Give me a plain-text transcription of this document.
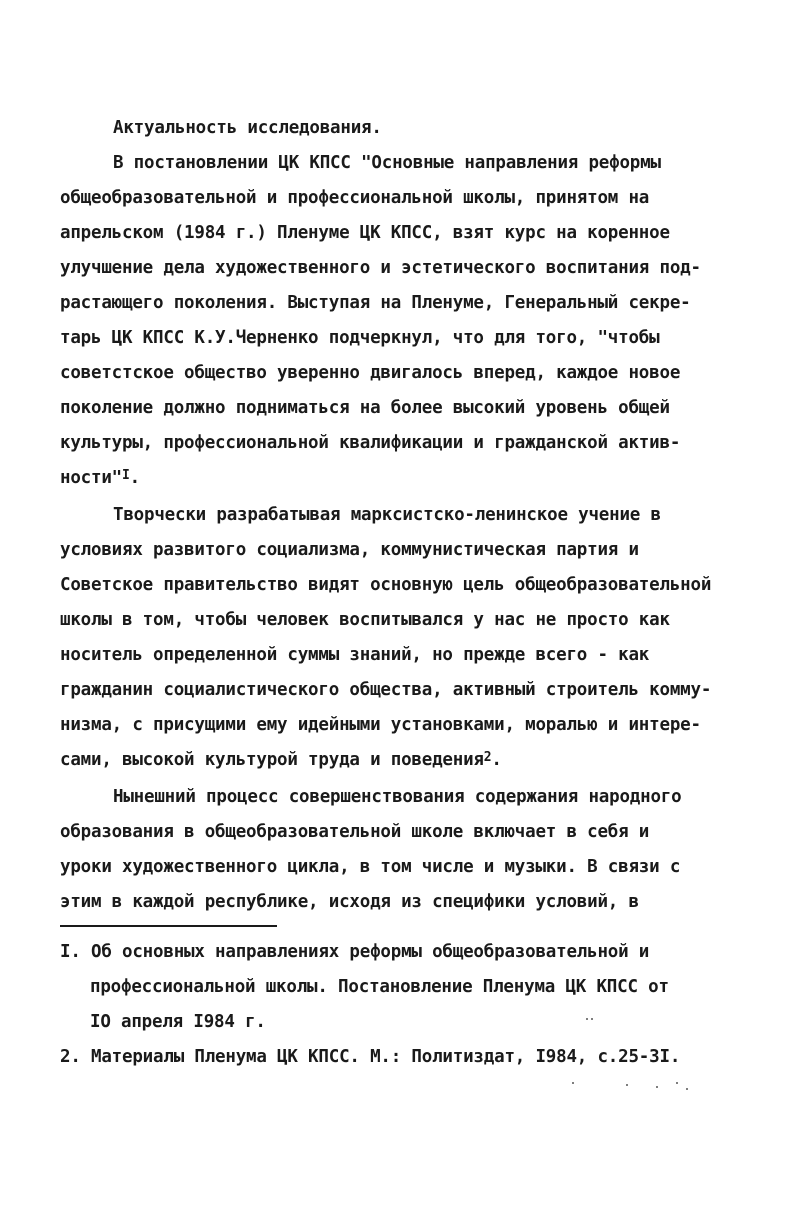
Актуальность исследования.
В постановлении ЦК КПСС "Основные направления реформы
общеобразовательной и профессиональной школы, принятом на
апрельском (1984 г.) Пленуме ЦК КПСС, взят курс на коренное
улучшение дела художественного и эстетического воспитания под-
растающего поколения. Выступая на Пленуме, Генеральный секре-
тарь ЦК КПСС К.У.Черненко подчеркнул, что для того, "чтобы
советстское общество уверенно двигалось вперед, каждое новое
поколение должно подниматься на более высокий уровень общей
культуры, профессиональной квалификации и гражданской актив-
ности"$^I$.
Творчески разрабатывая марксистско-ленинское учение в
условиях развитого социализма, коммунистическая партия и
Советское правительство видят основную цель общеобразовательной
школы в том, чтобы человек воспитывался у нас не просто как
носитель определенной суммы знаний, но прежде всего - как
гражданин социалистического общества, активный строитель комму-
низма, с присущими ему идейными установками, моралью и интере-
сами, высокой культурой труда и поведения$^2$.
Нынешний процесс совершенствования содержания народного
образования в общеобразовательной школе включает в себя и
уроки художественного цикла, в том числе и музыки. В связи с
этим в каждой республике, исходя из специфики условий, в
I. Об основных направлениях реформы общеобразовательной и
профессиональной школы. Постановление Пленума ЦК КПСС от
IO апреля I984 г.
2. Материалы Пленума ЦК КПСС. М.: Политиздат, I984, с.25-3I.
